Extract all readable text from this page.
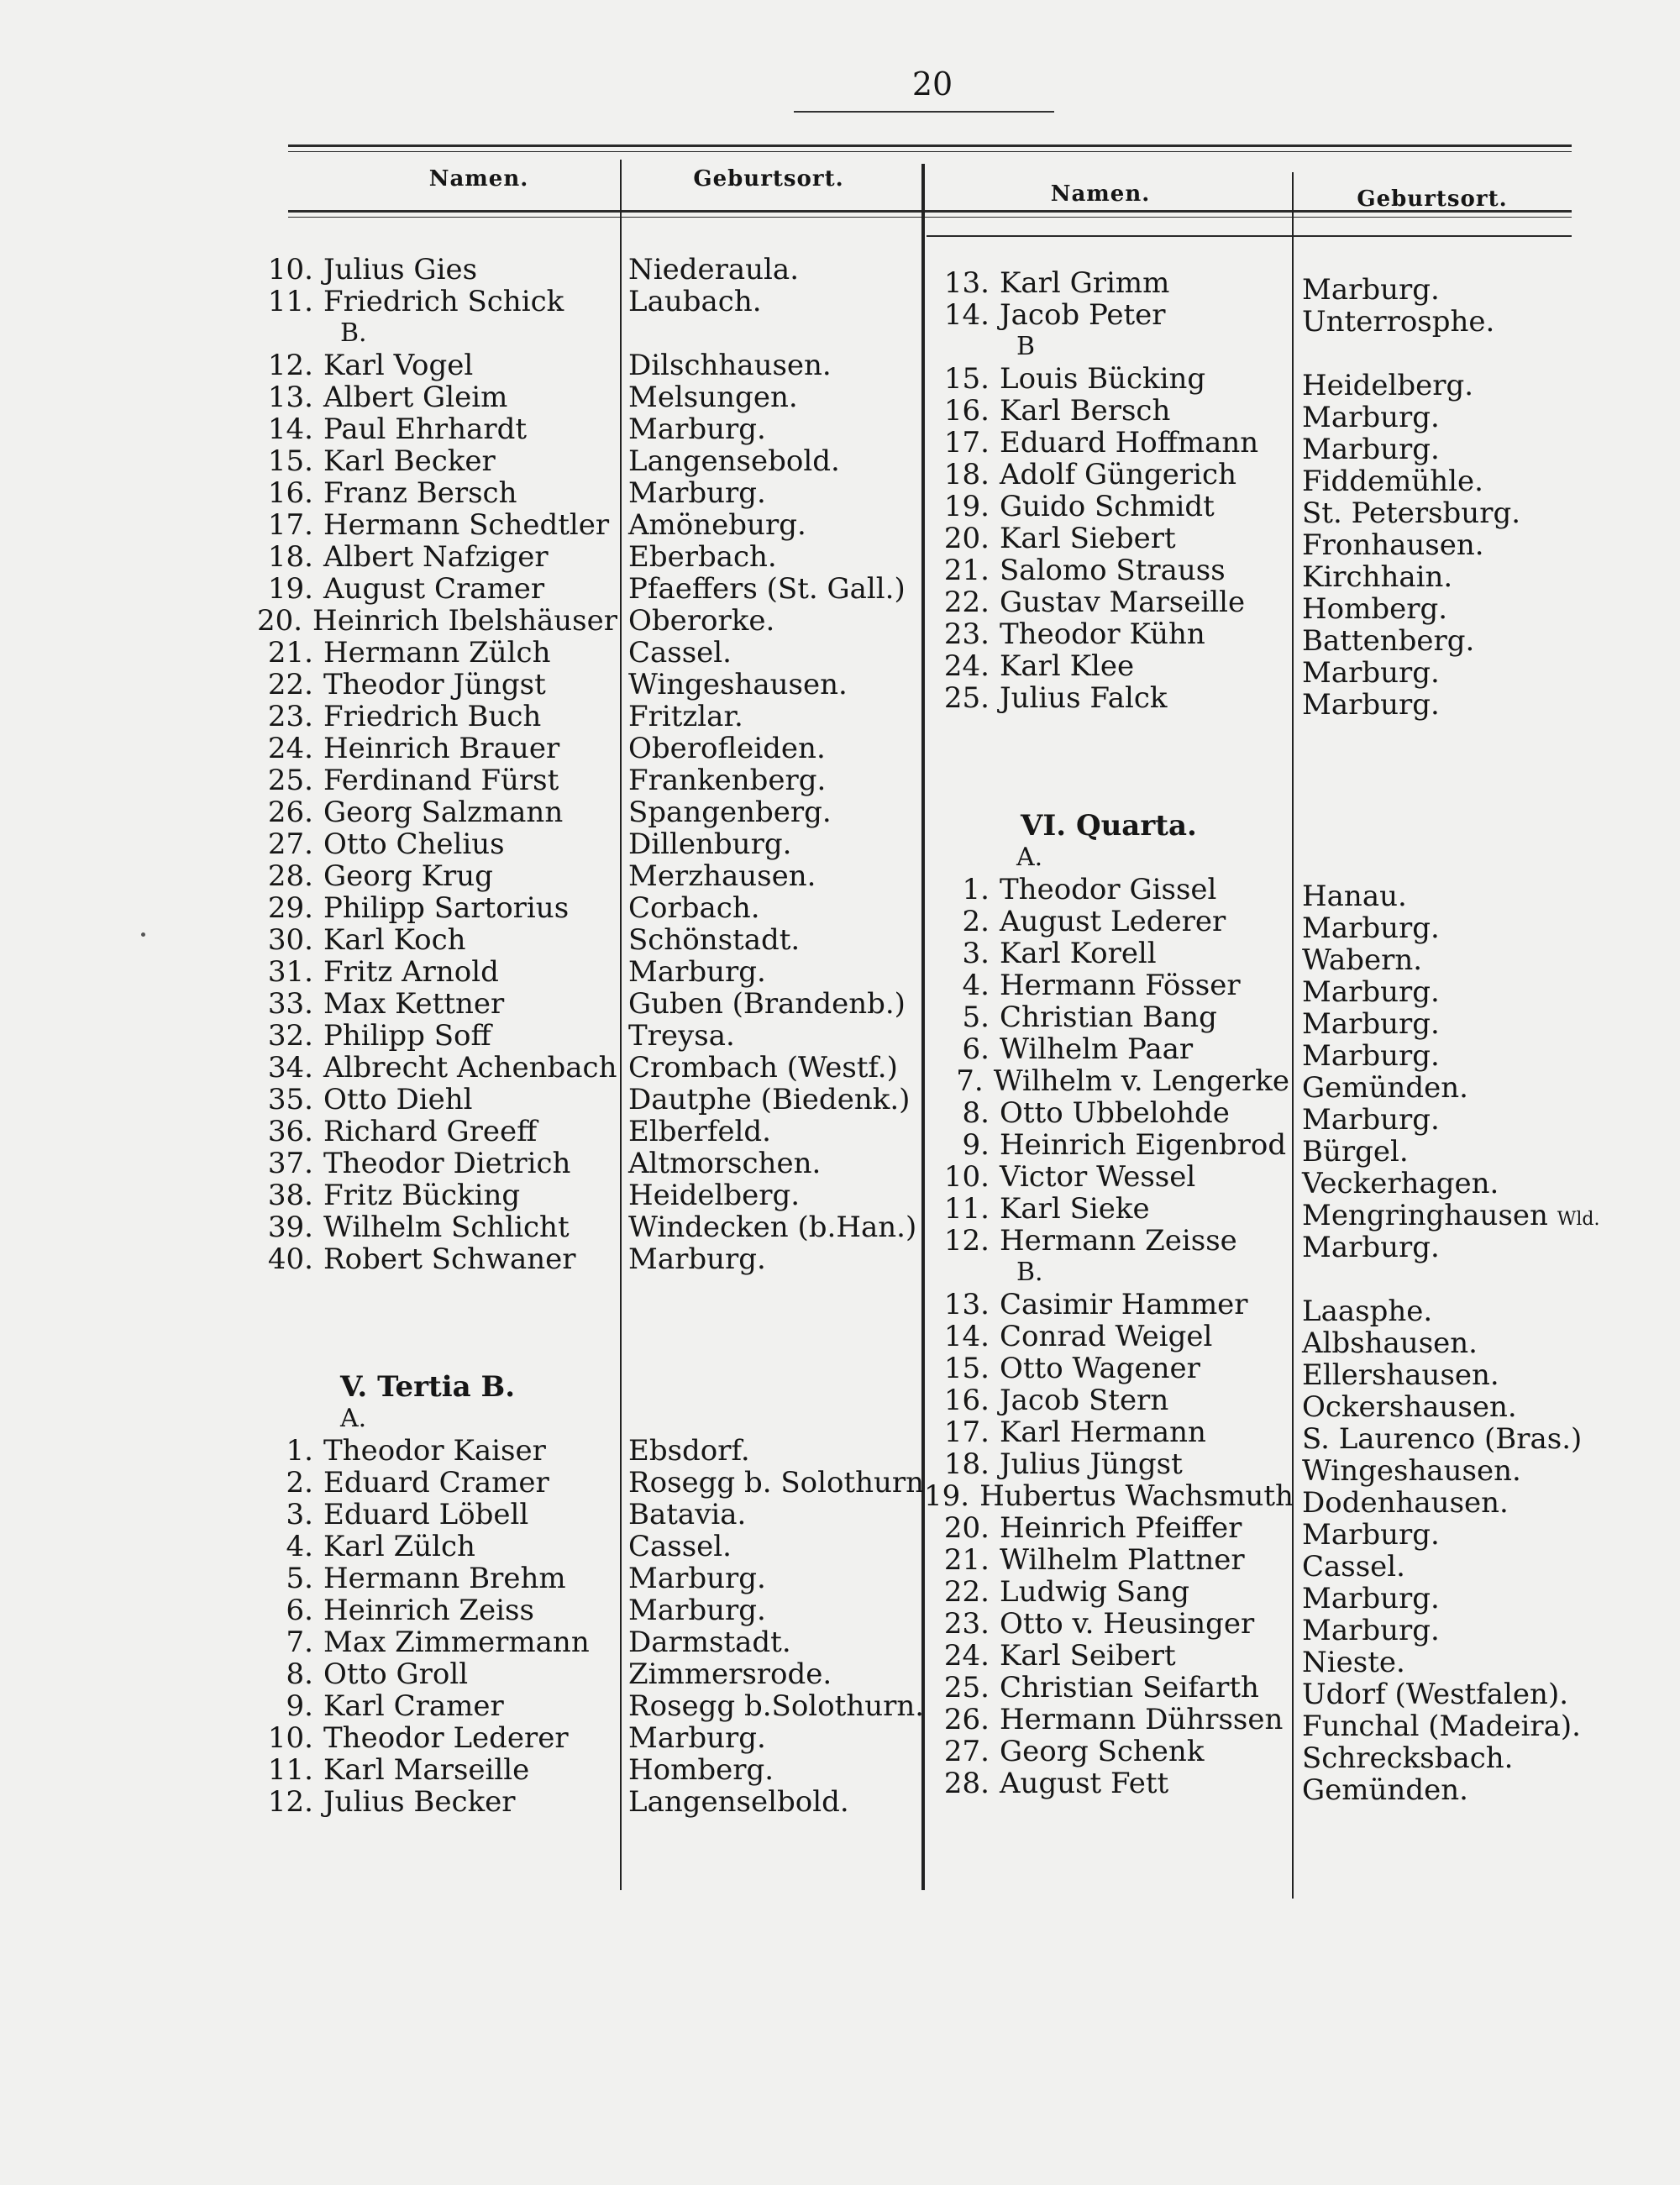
20
Namen.	Geburtsort.
Namen.	Geburtsort.
10. Julius Gies
11. Friedrich Schick
B.
12. Karl Vogel
13. Albert Gleim
14. Paul Ehrhardt
15. Karl Becker
16. Franz Bersch
17. Hermann Schedtler
18. Albert Nafziger
19. August Cramer
20. Heinrich Ibelshäuser
21. Hermann Zülch
22. Theodor Jüngst
23. Friedrich Buch
24. Heinrich Brauer
25. Ferdinand Fürst
26. Georg Salzmann
27. Otto Chelius
28. Georg Krug
29. Philipp Sartorius
30. Karl Koch
31. Fritz Arnold
33. Max Kettner
32. Philipp Soff
34. Albrecht Achenbach
35. Otto Diehl
36. Richard Greeff
37. Theodor Dietrich
38. Fritz Bücking
39. Wilhelm Schlicht
40. Robert Schwaner
V. Tertia B.
A.
1. Theodor Kaiser
2. Eduard Cramer
3. Eduard Löbell
4. Karl Zülch
5. Hermann Brehm
6. Heinrich Zeiss
7. Max Zimmermann
8. Otto Groll
9. Karl Cramer
10. Theodor Lederer
11. Karl Marseille
12. Julius Becker
Niederaula.
Laubach.
Dilschhausen.
Melsungen.
Marburg.
Langensebold.
Marburg.
Amöneburg.
Eberbach.
Pfaeffers (St. Gall.)
Oberorke.
Cassel.
Wingeshausen.
Fritzlar.
Oberofleiden.
Frankenberg.
Spangenberg.
Dillenburg.
Merzhausen.
Corbach.
Schönstadt.
Marburg.
Guben (Brandenb.)
Treysa.
Crombach (Westf.)
Dautphe (Biedenk.)
Elberfeld.
Altmorschen.
Heidelberg.
Windecken (b.Han.)
Marburg.
Ebsdorf.
Rosegg b. Solothurn
Batavia.
Cassel.
Marburg.
Marburg.
Darmstadt.
Zimmersrode.
Rosegg b.Solothurn.
Marburg.
Homberg.
Langenselbold.
13. Karl Grimm
14. Jacob Peter
B
15. Louis Bücking
16. Karl Bersch
17. Eduard Hoffmann
18. Adolf Güngerich
19. Guido Schmidt
20. Karl Siebert
21. Salomo Strauss
22. Gustav Marseille
23. Theodor Kühn
24. Karl Klee
25. Julius Falck
VI. Quarta.
A.
1. Theodor Gissel
2. August Lederer
3. Karl Korell
4. Hermann Fösser
5. Christian Bang
6. Wilhelm Paar
7. Wilhelm v. Lengerke
8. Otto Ubbelohde
9. Heinrich Eigenbrod
10. Victor Wessel
11. Karl Sieke
12. Hermann Zeisse
B.
13. Casimir Hammer
14. Conrad Weigel
15. Otto Wagener
16. Jacob Stern
17. Karl Hermann
18. Julius Jüngst
19. Hubertus Wachsmuth
20. Heinrich Pfeiffer
21. Wilhelm Plattner
22. Ludwig Sang
23. Otto v. Heusinger
24. Karl Seibert
25. Christian Seifarth
26. Hermann Dührssen
27. Georg Schenk
28. August Fett
Marburg.
Unterrosphe.
Heidelberg.
Marburg.
Marburg.
Fiddemühle.
St. Petersburg.
Fronhausen.
Kirchhain.
Homberg.
Battenberg.
Marburg.
Marburg.
Hanau.
Marburg.
Wabern.
Marburg.
Marburg.
Marburg.
Gemünden.
Marburg.
Bürgel.
Veckerhagen.
Mengringhausen Wld.
Marburg.
Laasphe.
Albshausen.
Ellershausen.
Ockershausen.
S. Laurenco (Bras.)
Wingeshausen.
Dodenhausen.
Marburg.
Cassel.
Marburg.
Marburg.
Nieste.
Udorf (Westfalen).
Funchal (Madeira).
Schrecksbach.
Gemünden.
